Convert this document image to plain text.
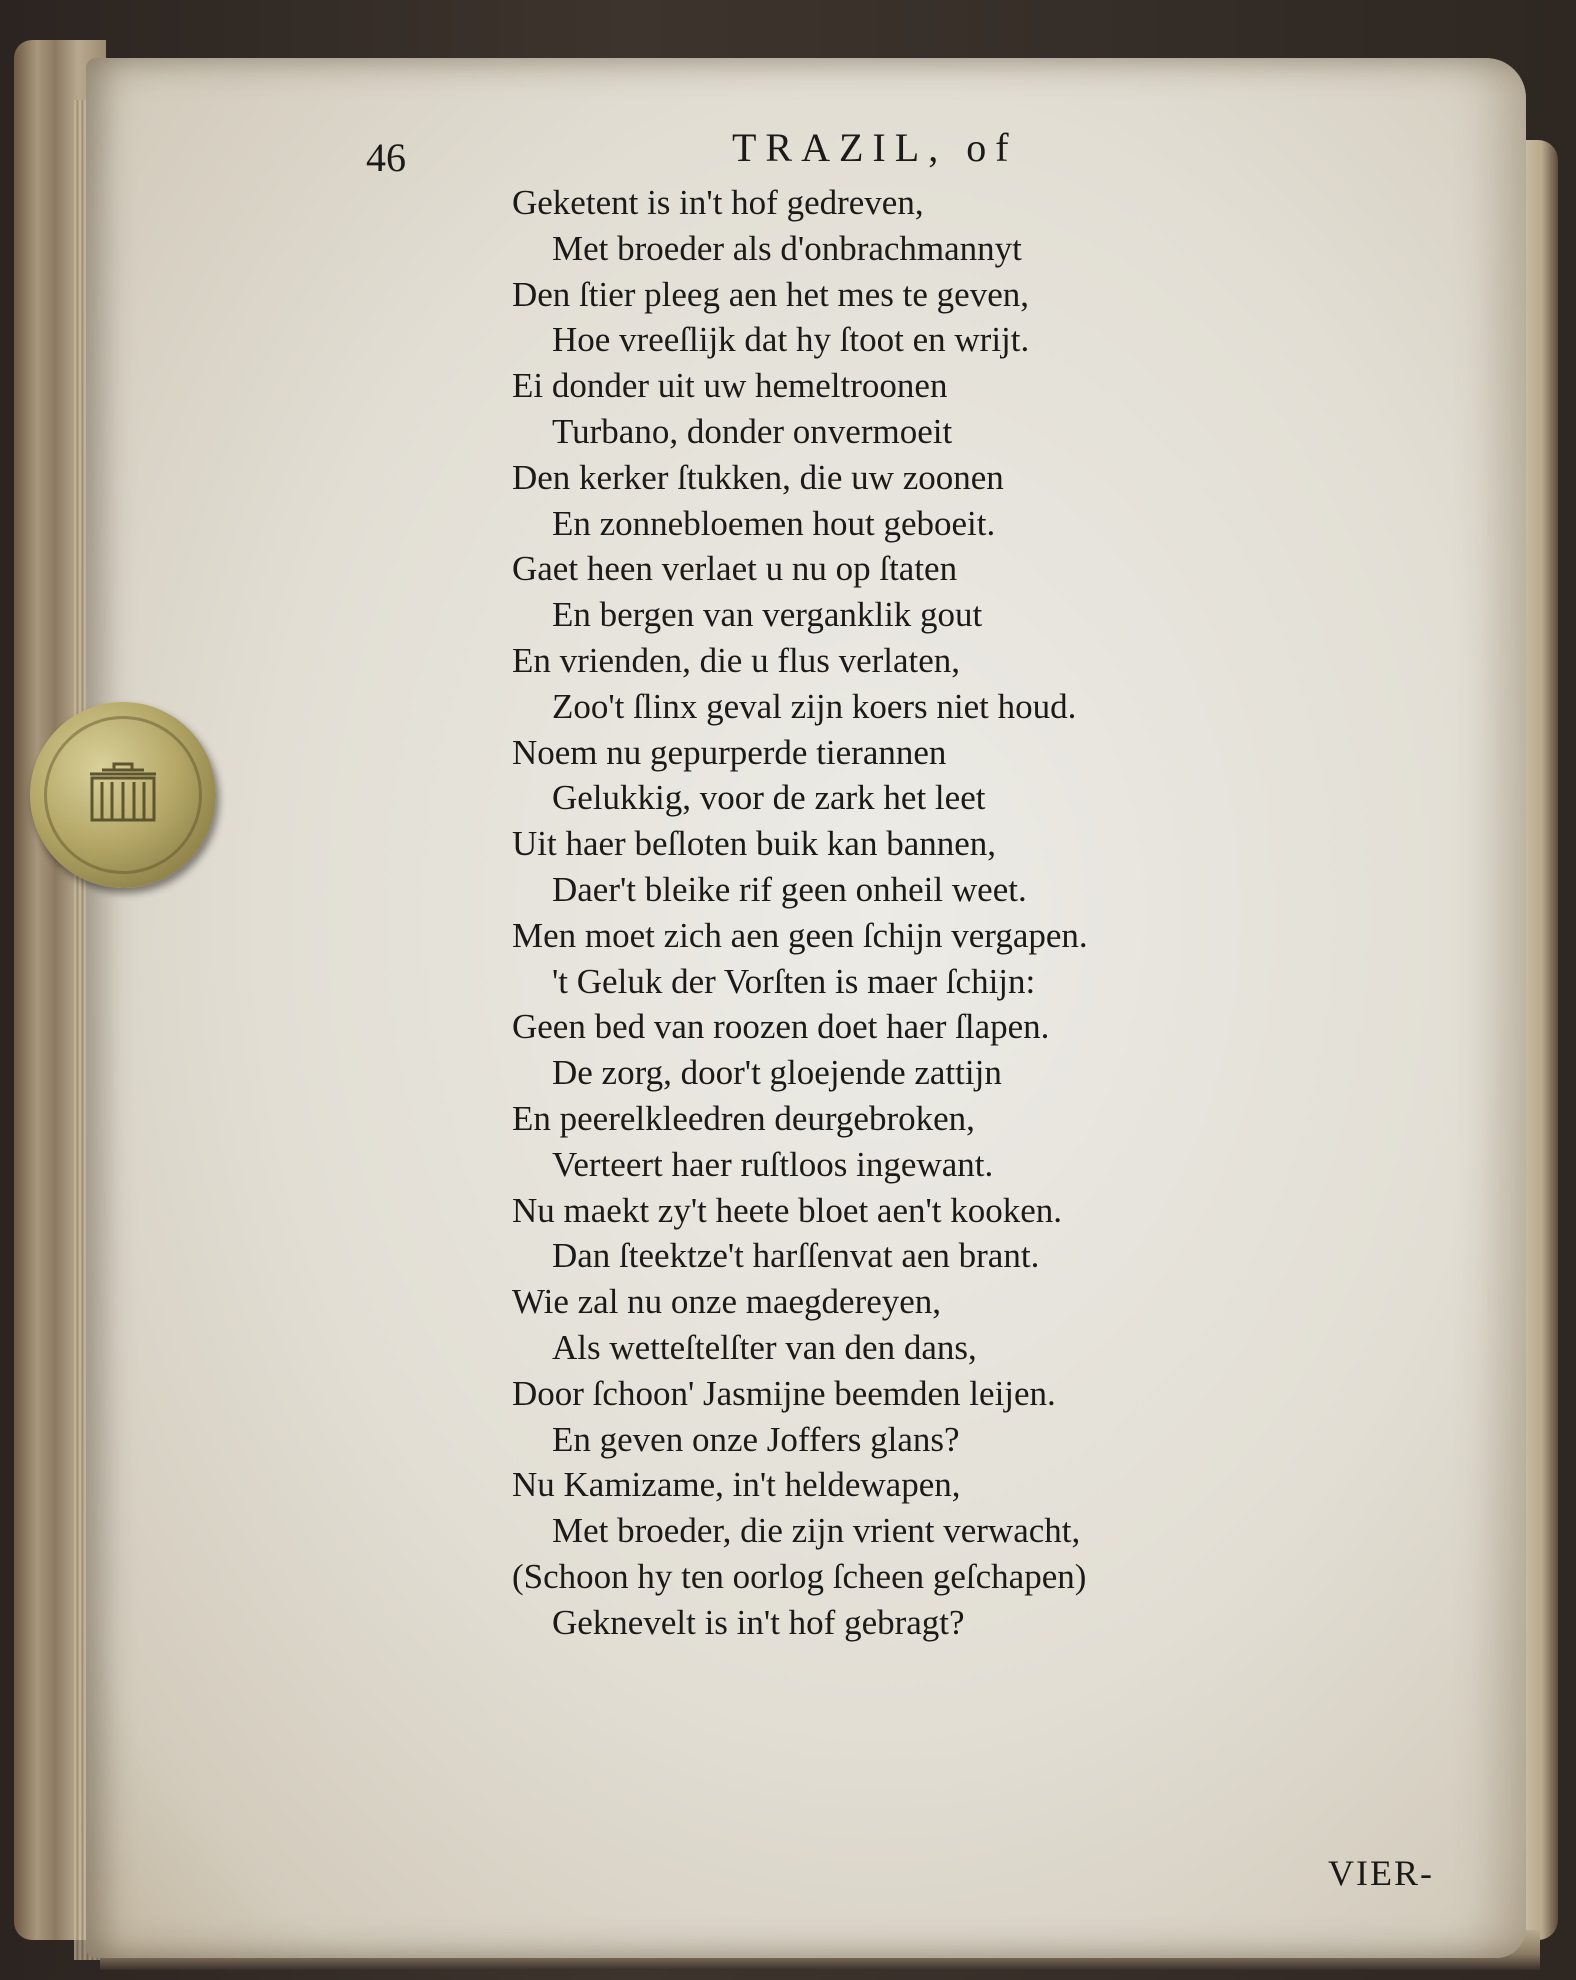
46	TRAZIL, of
Geketent is in't hof gedreven,
Met broeder als d'onbrachmannyt
Den ſtier pleeg aen het mes te geven,
Hoe vreeſlijk dat hy ſtoot en wrijt.
Ei donder uit uw hemeltroonen
Turbano, donder onvermoeit
Den kerker ſtukken, die uw zoonen
En zonnebloemen hout geboeit.
Gaet heen verlaet u nu op ſtaten
En bergen van verganklik gout
En vrienden, die u flus verlaten,
Zoo't ſlinx geval zijn koers niet houd.
Noem nu gepurperde tierannen
Gelukkig, voor de zark het leet
Uit haer beſloten buik kan bannen,
Daer't bleike rif geen onheil weet.
Men moet zich aen geen ſchijn vergapen.
't Geluk der Vorſten is maer ſchijn:
Geen bed van roozen doet haer ſlapen.
De zorg, door't gloejende zattijn
En peerelkleedren deurgebroken,
Verteert haer ruſtloos ingewant.
Nu maekt zy't heete bloet aen't kooken.
Dan ſteektze't harſſenvat aen brant.
Wie zal nu onze maegdereyen,
Als wetteſtelſter van den dans,
Door ſchoon' Jasmijne beemden leijen.
En geven onze Joffers glans?
Nu Kamizame, in't heldewapen,
Met broeder, die zijn vrient verwacht,
(Schoon hy ten oorlog ſcheen geſchapen)
Geknevelt is in't hof gebragt?
VIER-
